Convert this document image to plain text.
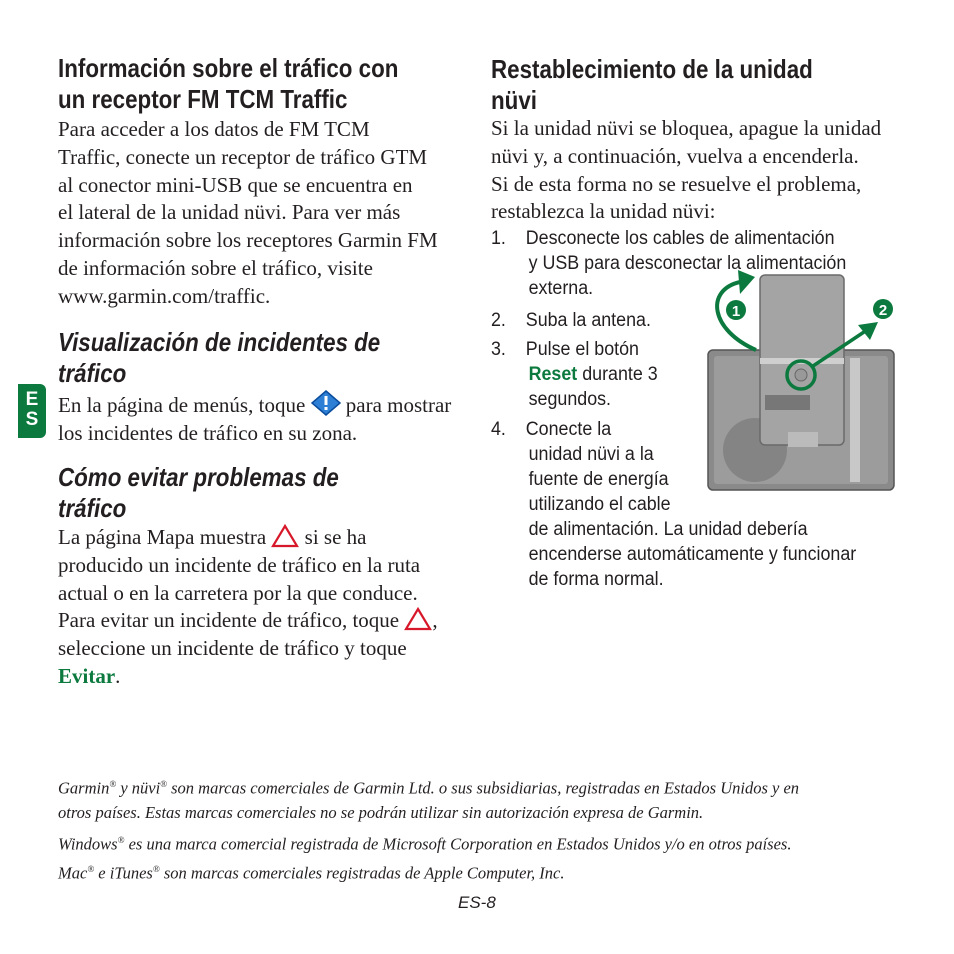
E
S
Información sobre el tráfico con
un receptor FM TCM Traffic
Para acceder a los datos de FM TCM
Traffic, conecte un receptor de tráfico GTM
al conector mini-USB que se encuentra en
el lateral de la unidad nüvi. Para ver más
información sobre los receptores Garmin FM
de información sobre el tráfico, visite
www.garmin.com/traffic.
Visualización de incidentes de
tráfico
En la página de menús, toque para mostrar
los incidentes de tráfico en su zona.
Cómo evitar problemas de
tráfico
La página Mapa muestra si se ha
producido un incidente de tráfico en la ruta
actual o en la carretera por la que conduce.
Para evitar un incidente de tráfico, toque ,
seleccione un incidente de tráfico y toque
Evitar.
Restablecimiento de la unidad
nüvi
Si la unidad nüvi se bloquea, apague la unidad
nüvi y, a continuación, vuelva a encenderla.
Si de esta forma no se resuelve el problema,
restablezca la unidad nüvi:
1. Desconecte los cables de alimentación
y USB para desconectar la alimentación
externa.
2. Suba la antena.
3. Pulse el botón
Reset durante 3
segundos.
4. Conecte la
unidad nüvi a la
fuente de energía
utilizando el cable
de alimentación. La unidad debería
encenderse automáticamente y funcionar
de forma normal.
1	2
Garmin® y nüvi® son marcas comerciales de Garmin Ltd. o sus subsidiarias, registradas en Estados Unidos y en
otros países. Estas marcas comerciales no se podrán utilizar sin autorización expresa de Garmin.
Windows® es una marca comercial registrada de Microsoft Corporation en Estados Unidos y/o en otros países.
Mac® e iTunes® son marcas comerciales registradas de Apple Computer, Inc.
ES-8
